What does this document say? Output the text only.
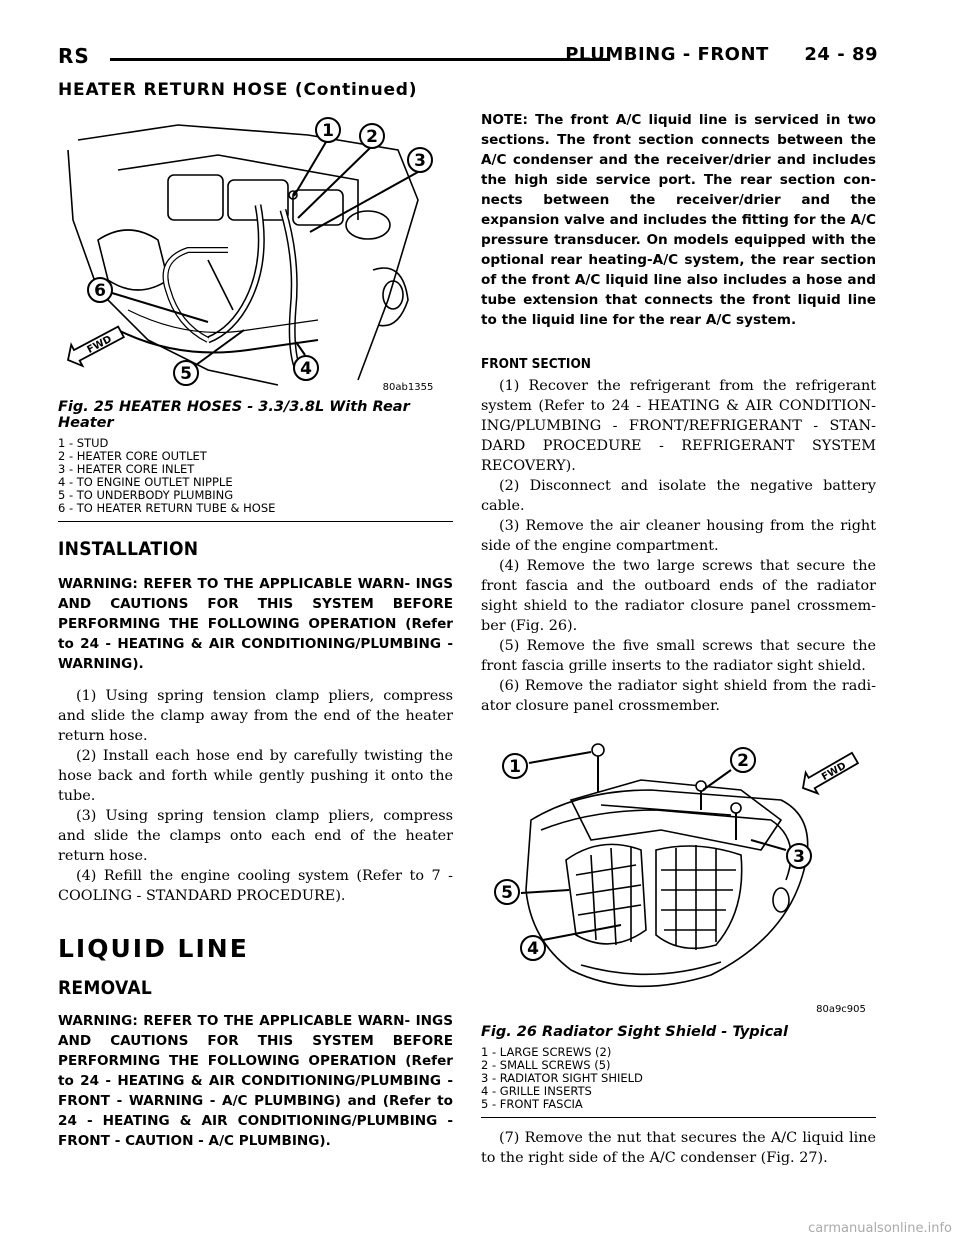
RS	PLUMBING - FRONT 24 - 89
HEATER RETURN HOSE (Continued)
1 2
3
4
5
6
FWD
80ab1355
Fig. 25 HEATER HOSES - 3.3/3.8L With Rear Heater
1 - STUD
2 - HEATER CORE OUTLET
3 - HEATER CORE INLET
4 - TO ENGINE OUTLET NIPPLE
5 - TO UNDERBODY PLUMBING
6 - TO HEATER RETURN TUBE & HOSE
INSTALLATION
WARNING: REFER TO THE APPLICABLE WARN- INGS AND CAUTIONS FOR THIS SYSTEM BEFORE PERFORMING THE FOLLOWING OPERATION (Refer to 24 - HEATING & AIR CONDITIONING/PLUMBING - WARNING).
(1) Using spring tension clamp pliers, compress and slide the clamp away from the end of the heater return hose.
(2) Install each hose end by carefully twisting the hose back and forth while gently pushing it onto the tube.
(3) Using spring tension clamp pliers, compress and slide the clamps onto each end of the heater return hose.
(4) Refill the engine cooling system (Refer to 7 - COOLING - STANDARD PROCEDURE).
LIQUID LINE
REMOVAL
WARNING: REFER TO THE APPLICABLE WARN- INGS AND CAUTIONS FOR THIS SYSTEM BEFORE PERFORMING THE FOLLOWING OPERATION (Refer to 24 - HEATING & AIR CONDITIONING/PLUMBING - FRONT - WARNING - A/C PLUMBING) and (Refer to 24 - HEATING & AIR CONDITIONING/PLUMBING - FRONT - CAUTION - A/C PLUMBING).
NOTE: The front A/C liquid line is serviced in two sections. The front section connects between the A/C condenser and the receiver/drier and includes the high side service port. The rear section con- nects between the receiver/drier and the expansion valve and includes the fitting for the A/C pressure transducer. On models equipped with the optional rear heating-A/C system, the rear section of the front A/C liquid line also includes a hose and tube extension that connects the front liquid line to the liquid line for the rear A/C system.
FRONT SECTION
(1) Recover the refrigerant from the refrigerant system (Refer to 24 - HEATING & AIR CONDITION- ING/PLUMBING - FRONT/REFRIGERANT - STAN- DARD PROCEDURE - REFRIGERANT SYSTEM RECOVERY).
(2) Disconnect and isolate the negative battery cable.
(3) Remove the air cleaner housing from the right side of the engine compartment.
(4) Remove the two large screws that secure the front fascia and the outboard ends of the radiator sight shield to the radiator closure panel crossmem- ber (Fig. 26).
(5) Remove the five small screws that secure the front fascia grille inserts to the radiator sight shield.
(6) Remove the radiator sight shield from the radi- ator closure panel crossmember.
1	2
3
4
5
FWD
80a9c905
Fig. 26 Radiator Sight Shield - Typical
1 - LARGE SCREWS (2)
2 - SMALL SCREWS (5)
3 - RADIATOR SIGHT SHIELD
4 - GRILLE INSERTS
5 - FRONT FASCIA
(7) Remove the nut that secures the A/C liquid line to the right side of the A/C condenser (Fig. 27).
carmanualsonline.info
